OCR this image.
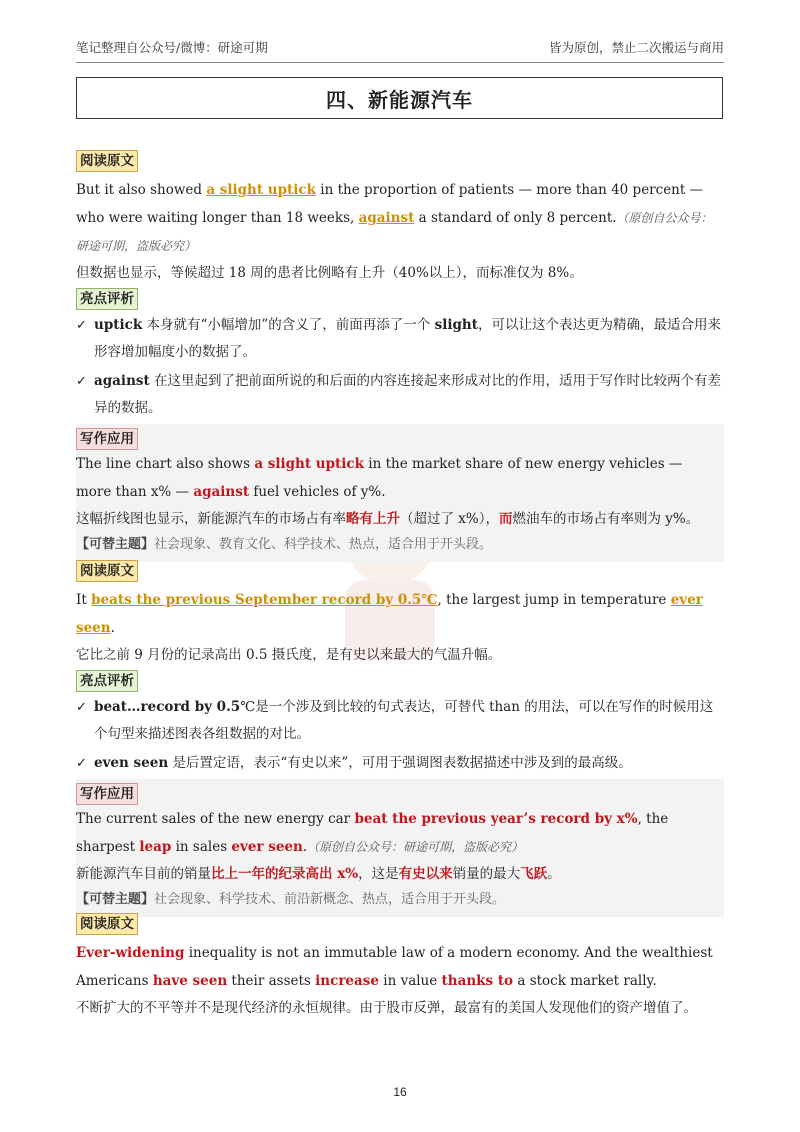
笔记整理自公众号/微博：研途可期	皆为原创，禁止二次搬运与商用
四、新能源汽车
阅读原文

But it also showed a slight uptick in the proportion of patients — more than 40 percent — who were waiting longer than 18 weeks, against a standard of only 8 percent.（原创自公众号：研途可期，盗版必究）

但数据也显示，等候超过 18 周的患者比例略有上升（40%以上），而标准仅为 8%。

亮点评析
✓ uptick 本身就有“小幅增加”的含义了，前面再添了一个 slight，可以让这个表达更为精确，最适合用来形容增加幅度小的数据了。
✓ against 在这里起到了把前面所说的和后面的内容连接起来形成对比的作用，适用于写作时比较两个有差异的数据。
写作应用

The line chart also shows a slight uptick in the market share of new energy vehicles — more than x% — against fuel vehicles of y%.

这幅折线图也显示，新能源汽车的市场占有率略有上升（超过了 x%），而燃油车的市场占有率则为 y%。

【可替主题】社会现象、教育文化、科学技术、热点，适合用于开头段。

阅读原文

It beats the previous September record by 0.5℃, the largest jump in temperature ever seen.

它比之前 9 月份的记录高出 0.5 摄氏度，是有史以来最大的气温升幅。

亮点评析
✓ beat…record by 0.5℃是一个涉及到比较的句式表达，可替代 than 的用法，可以在写作的时候用这个句型来描述图表各组数据的对比。
✓ even seen 是后置定语，表示“有史以来”，可用于强调图表数据描述中涉及到的最高级。
写作应用

The current sales of the new energy car beat the previous year’s record by x%, the sharpest leap in sales ever seen.（原创自公众号：研途可期，盗版必究）

新能源汽车目前的销量比上一年的纪录高出 x%，这是有史以来销量的最大飞跃。

【可替主题】社会现象、科学技术、前沿新概念、热点，适合用于开头段。

阅读原文

Ever-widening inequality is not an immutable law of a modern economy. And the wealthiest Americans have seen their assets increase in value thanks to a stock market rally.

不断扩大的不平等并不是现代经济的永恒规律。由于股市反弹，最富有的美国人发现他们的资产增值了。

16
